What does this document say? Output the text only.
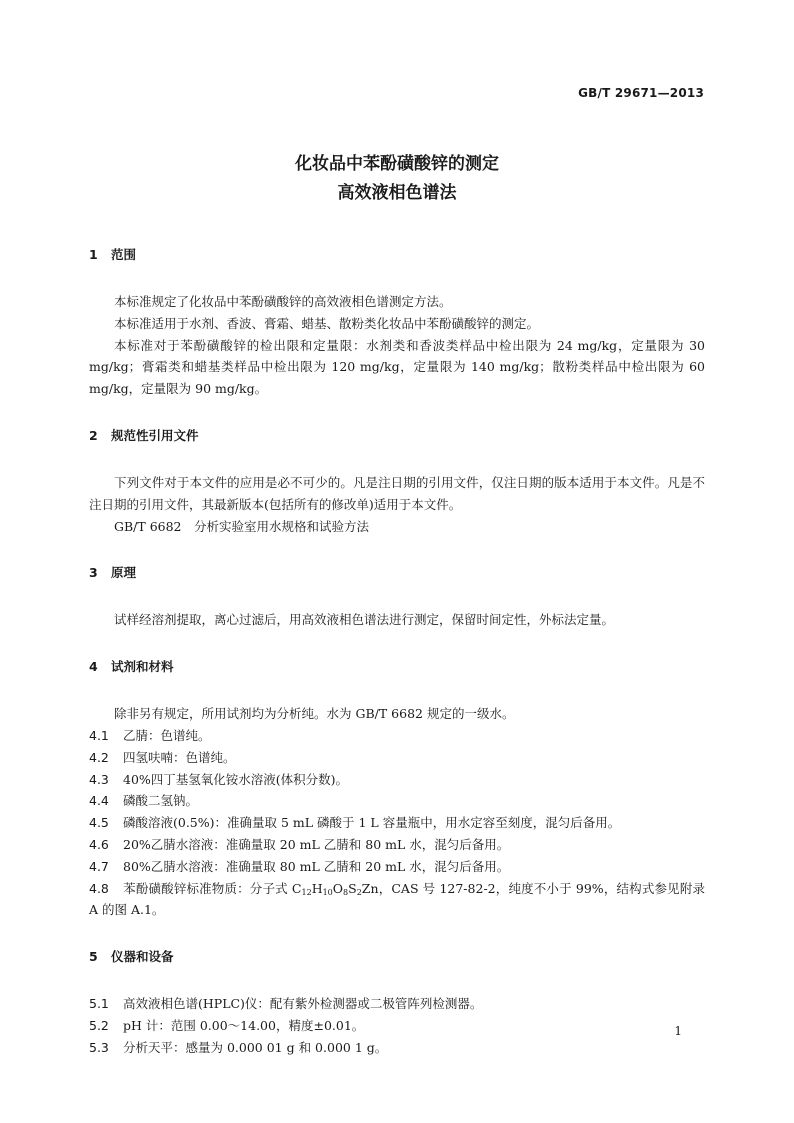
GB/T 29671—2013
化妆品中苯酚磺酸锌的测定
高效液相色谱法
1 范围

本标准规定了化妆品中苯酚磺酸锌的高效液相色谱测定方法。

本标准适用于水剂、香波、膏霜、蜡基、散粉类化妆品中苯酚磺酸锌的测定。

本标准对于苯酚磺酸锌的检出限和定量限：水剂类和香波类样品中检出限为 24 mg/kg，定量限为 30 mg/kg；膏霜类和蜡基类样品中检出限为 120 mg/kg，定量限为 140 mg/kg；散粉类样品中检出限为 60 mg/kg，定量限为 90 mg/kg。

2 规范性引用文件

下列文件对于本文件的应用是必不可少的。凡是注日期的引用文件，仅注日期的版本适用于本文件。凡是不注日期的引用文件，其最新版本(包括所有的修改单)适用于本文件。

GB/T 6682　分析实验室用水规格和试验方法

3 原理

试样经溶剂提取，离心过滤后，用高效液相色谱法进行测定，保留时间定性，外标法定量。

4 试剂和材料

除非另有规定，所用试剂均为分析纯。水为 GB/T 6682 规定的一级水。

4.1 乙腈：色谱纯。

4.2 四氢呋喃：色谱纯。

4.3 40%四丁基氢氧化铵水溶液(体积分数)。

4.4 磷酸二氢钠。

4.5 磷酸溶液(0.5%)：准确量取 5 mL 磷酸于 1 L 容量瓶中，用水定容至刻度，混匀后备用。

4.6 20%乙腈水溶液：准确量取 20 mL 乙腈和 80 mL 水，混匀后备用。

4.7 80%乙腈水溶液：准确量取 80 mL 乙腈和 20 mL 水，混匀后备用。

4.8 苯酚磺酸锌标准物质：分子式 $C_{12}H_{10}O_8S_2Zn$，CAS 号 127-82-2，纯度不小于 99%，结构式参见附录 A 的图 A.1。

5 仪器和设备

5.1 高效液相色谱(HPLC)仪：配有紫外检测器或二极管阵列检测器。

5.2 pH 计：范围 0.00～14.00，精度±0.01。

5.3 分析天平：感量为 0.000 01 g 和 0.000 1 g。

1
